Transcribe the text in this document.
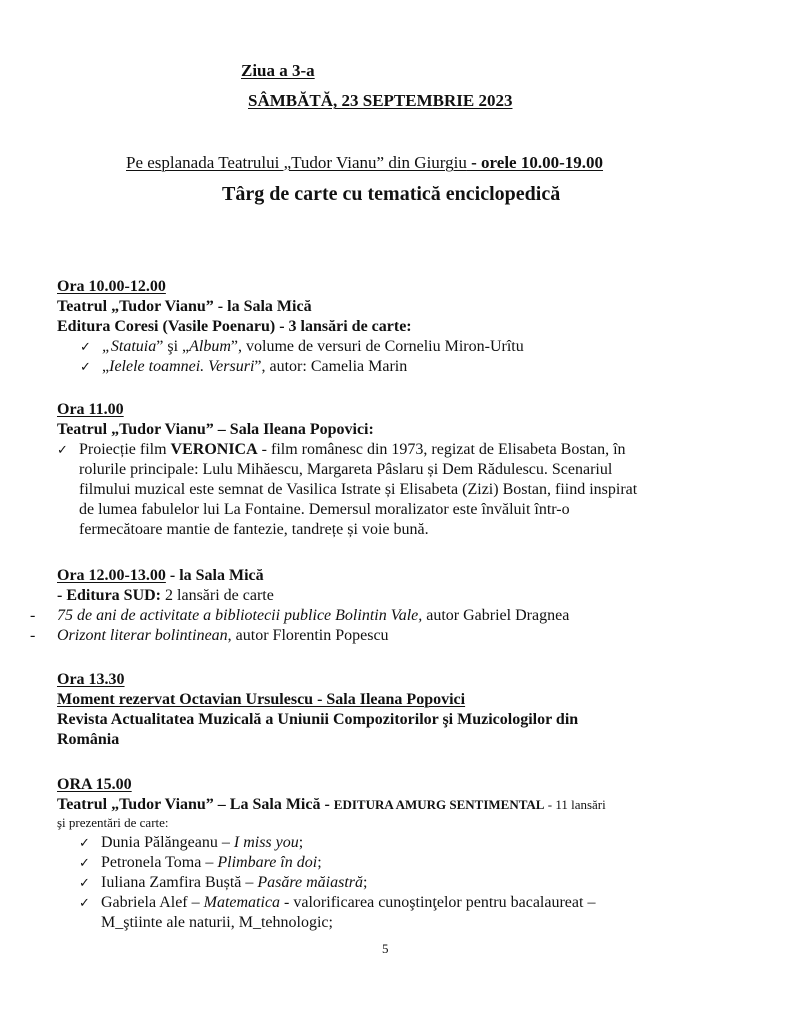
Ziua a 3-a
SÂMBĂTĂ, 23 SEPTEMBRIE 2023
Pe esplanada Teatrului „Tudor Vianu” din Giurgiu - orele 10.00-19.00
Târg de carte cu tematică enciclopedică
Ora 10.00-12.00
Teatrul „Tudor Vianu” - la Sala Mică
Editura Coresi (Vasile Poenaru) - 3 lansări de carte:
✓ „Statuia” şi „Album”, volume de versuri de Corneliu Miron-Urîtu
✓ „Ielele toamnei. Versuri”, autor: Camelia Marin
Ora 11.00
Teatrul „Tudor Vianu” – Sala Ileana Popovici:
✓ Proiecție film VERONICA - film românesc din 1973, regizat de Elisabeta Bostan, în
rolurile principale: Lulu Mihăescu, Margareta Pâslaru și Dem Rădulescu. Scenariul
filmului muzical este semnat de Vasilica Istrate și Elisabeta (Zizi) Bostan, fiind inspirat
de lumea fabulelor lui La Fontaine. Demersul moralizator este învăluit într-o
fermecătoare mantie de fantezie, tandrețe și voie bună.
Ora 12.00-13.00 - la Sala Mică
- Editura SUD: 2 lansări de carte
- 75 de ani de activitate a bibliotecii publice Bolintin Vale, autor Gabriel Dragnea
- Orizont literar bolintinean, autor Florentin Popescu
Ora 13.30
Moment rezervat Octavian Ursulescu - Sala Ileana Popovici
Revista Actualitatea Muzicală a Uniunii Compozitorilor şi Muzicologilor din
România
ORA 15.00
Teatrul „Tudor Vianu” – La Sala Mică - EDITURA AMURG SENTIMENTAL - 11 lansări
şi prezentări de carte:
✓ Dunia Pălăngeanu – I miss you;
✓ Petronela Toma – Plimbare în doi;
✓ Iuliana Zamfira Buștă – Pasăre măiastră;
✓ Gabriela Alef – Matematica - valorificarea cunoştinţelor pentru bacalaureat –
M_ştiinte ale naturii, M_tehnologic;
5
